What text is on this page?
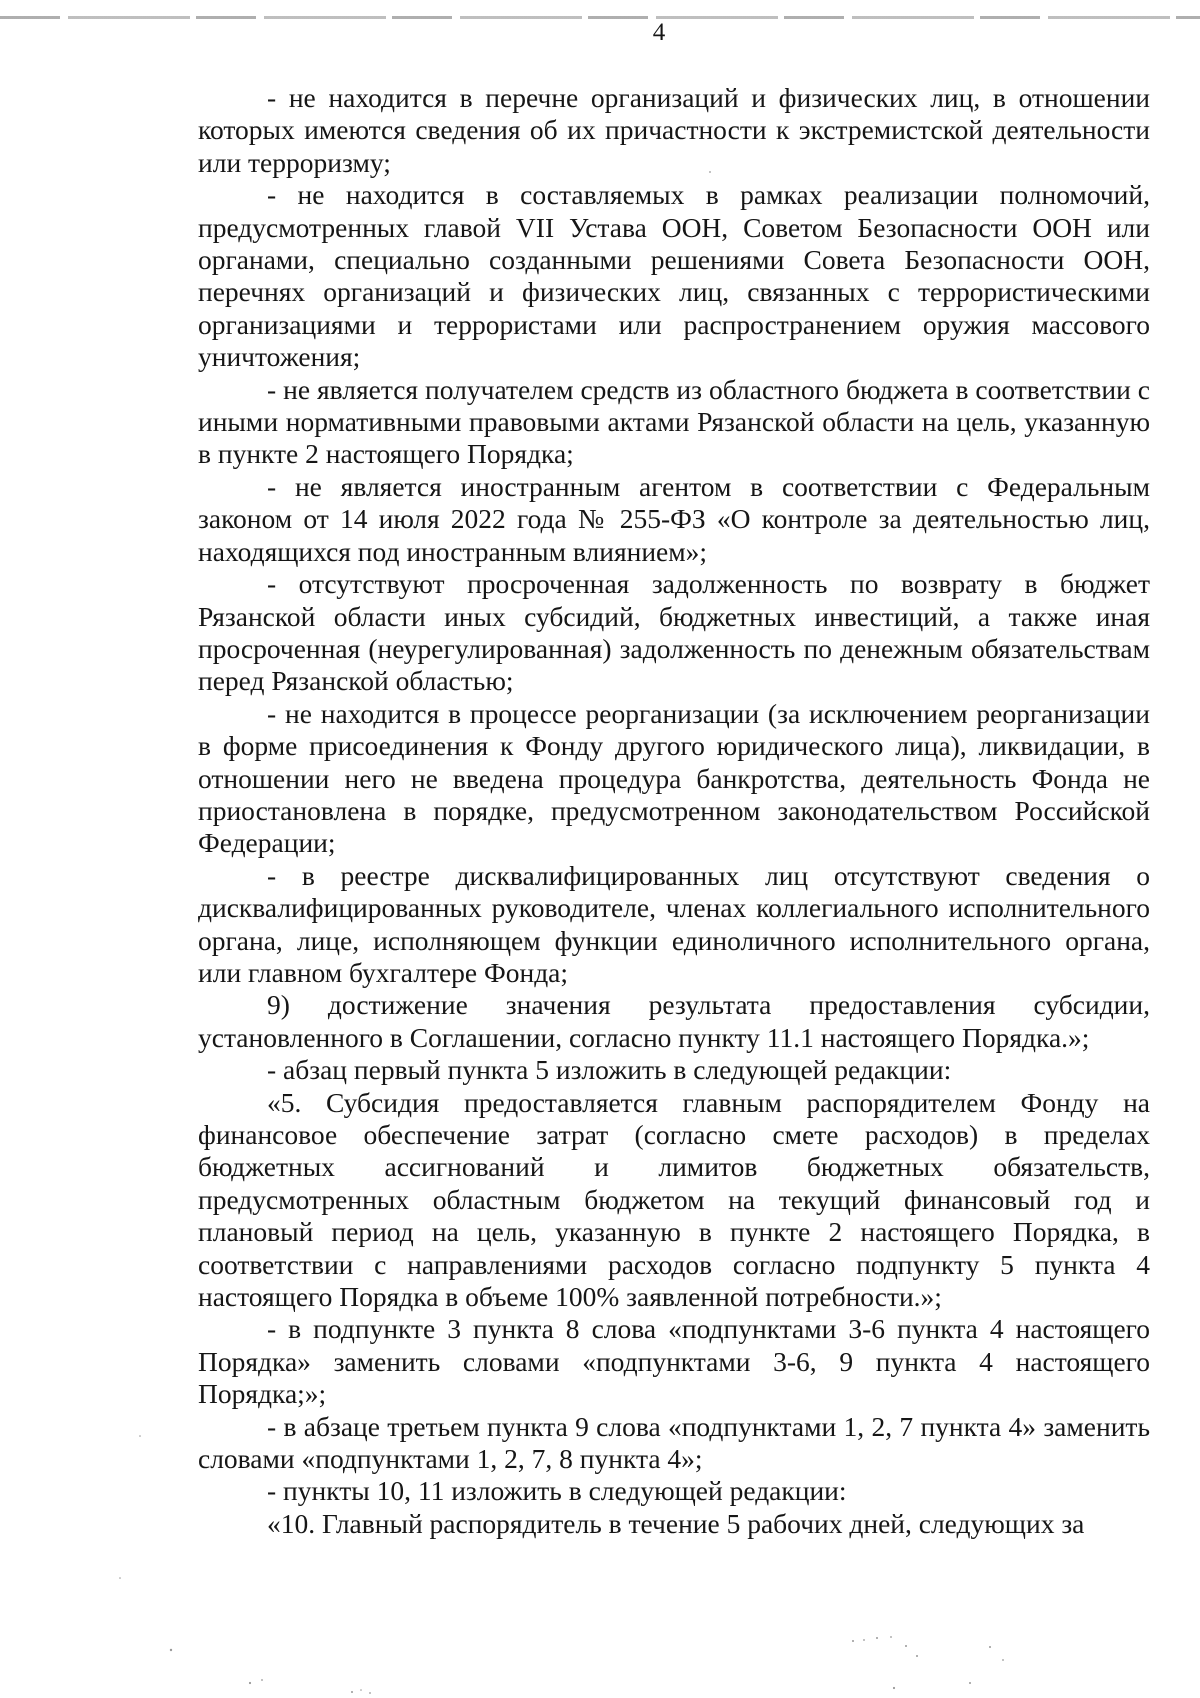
4

- не находится в перечне организаций и физических лиц, в отношении которых имеются сведения об их причастности к экстремистской деятельности или терроризму;

- не находится в составляемых в рамках реализации полномочий, предусмотренных главой VII Устава ООН, Советом Безопасности ООН или органами, специально созданными решениями Совета Безопасности ООН, перечнях организаций и физических лиц, связанных с террористическими организациями и террористами или распространением оружия массового уничтожения;

- не является получателем средств из областного бюджета в соответствии с иными нормативными правовыми актами Рязанской области на цель, указанную в пункте 2 настоящего Порядка;

- не является иностранным агентом в соответствии с Федеральным законом от 14 июля 2022 года № 255-ФЗ «О контроле за деятельностью лиц, находящихся под иностранным влиянием»;

- отсутствуют просроченная задолженность по возврату в бюджет Рязанской области иных субсидий, бюджетных инвестиций, а также иная просроченная (неурегулированная) задолженность по денежным обязательствам перед Рязанской областью;

- не находится в процессе реорганизации (за исключением реорганизации в форме присоединения к Фонду другого юридического лица), ликвидации, в отношении него не введена процедура банкротства, деятельность Фонда не приостановлена в порядке, предусмотренном законодательством Российской Федерации;

- в реестре дисквалифицированных лиц отсутствуют сведения о дисквалифицированных руководителе, членах коллегиального исполнительного органа, лице, исполняющем функции единоличного исполнительного органа, или главном бухгалтере Фонда;

9) достижение значения результата предоставления субсидии, установленного в Соглашении, согласно пункту 11.1 настоящего Порядка.»;

- абзац первый пункта 5 изложить в следующей редакции:

«5. Субсидия предоставляется главным распорядителем Фонду на финансовое обеспечение затрат (согласно смете расходов) в пределах бюджетных ассигнований и лимитов бюджетных обязательств, предусмотренных областным бюджетом на текущий финансовый год и плановый период на цель, указанную в пункте 2 настоящего Порядка, в соответствии с направлениями расходов согласно подпункту 5 пункта 4 настоящего Порядка в объеме 100% заявленной потребности.»;

- в подпункте 3 пункта 8 слова «подпунктами 3-6 пункта 4 настоящего Порядка» заменить словами «подпунктами 3-6, 9 пункта 4 настоящего Порядка;»;

- в абзаце третьем пункта 9 слова «подпунктами 1, 2, 7 пункта 4» заменить словами «подпунктами 1, 2, 7, 8 пункта 4»;

- пункты 10, 11 изложить в следующей редакции:

«10. Главный распорядитель в течение 5 рабочих дней, следующих за
